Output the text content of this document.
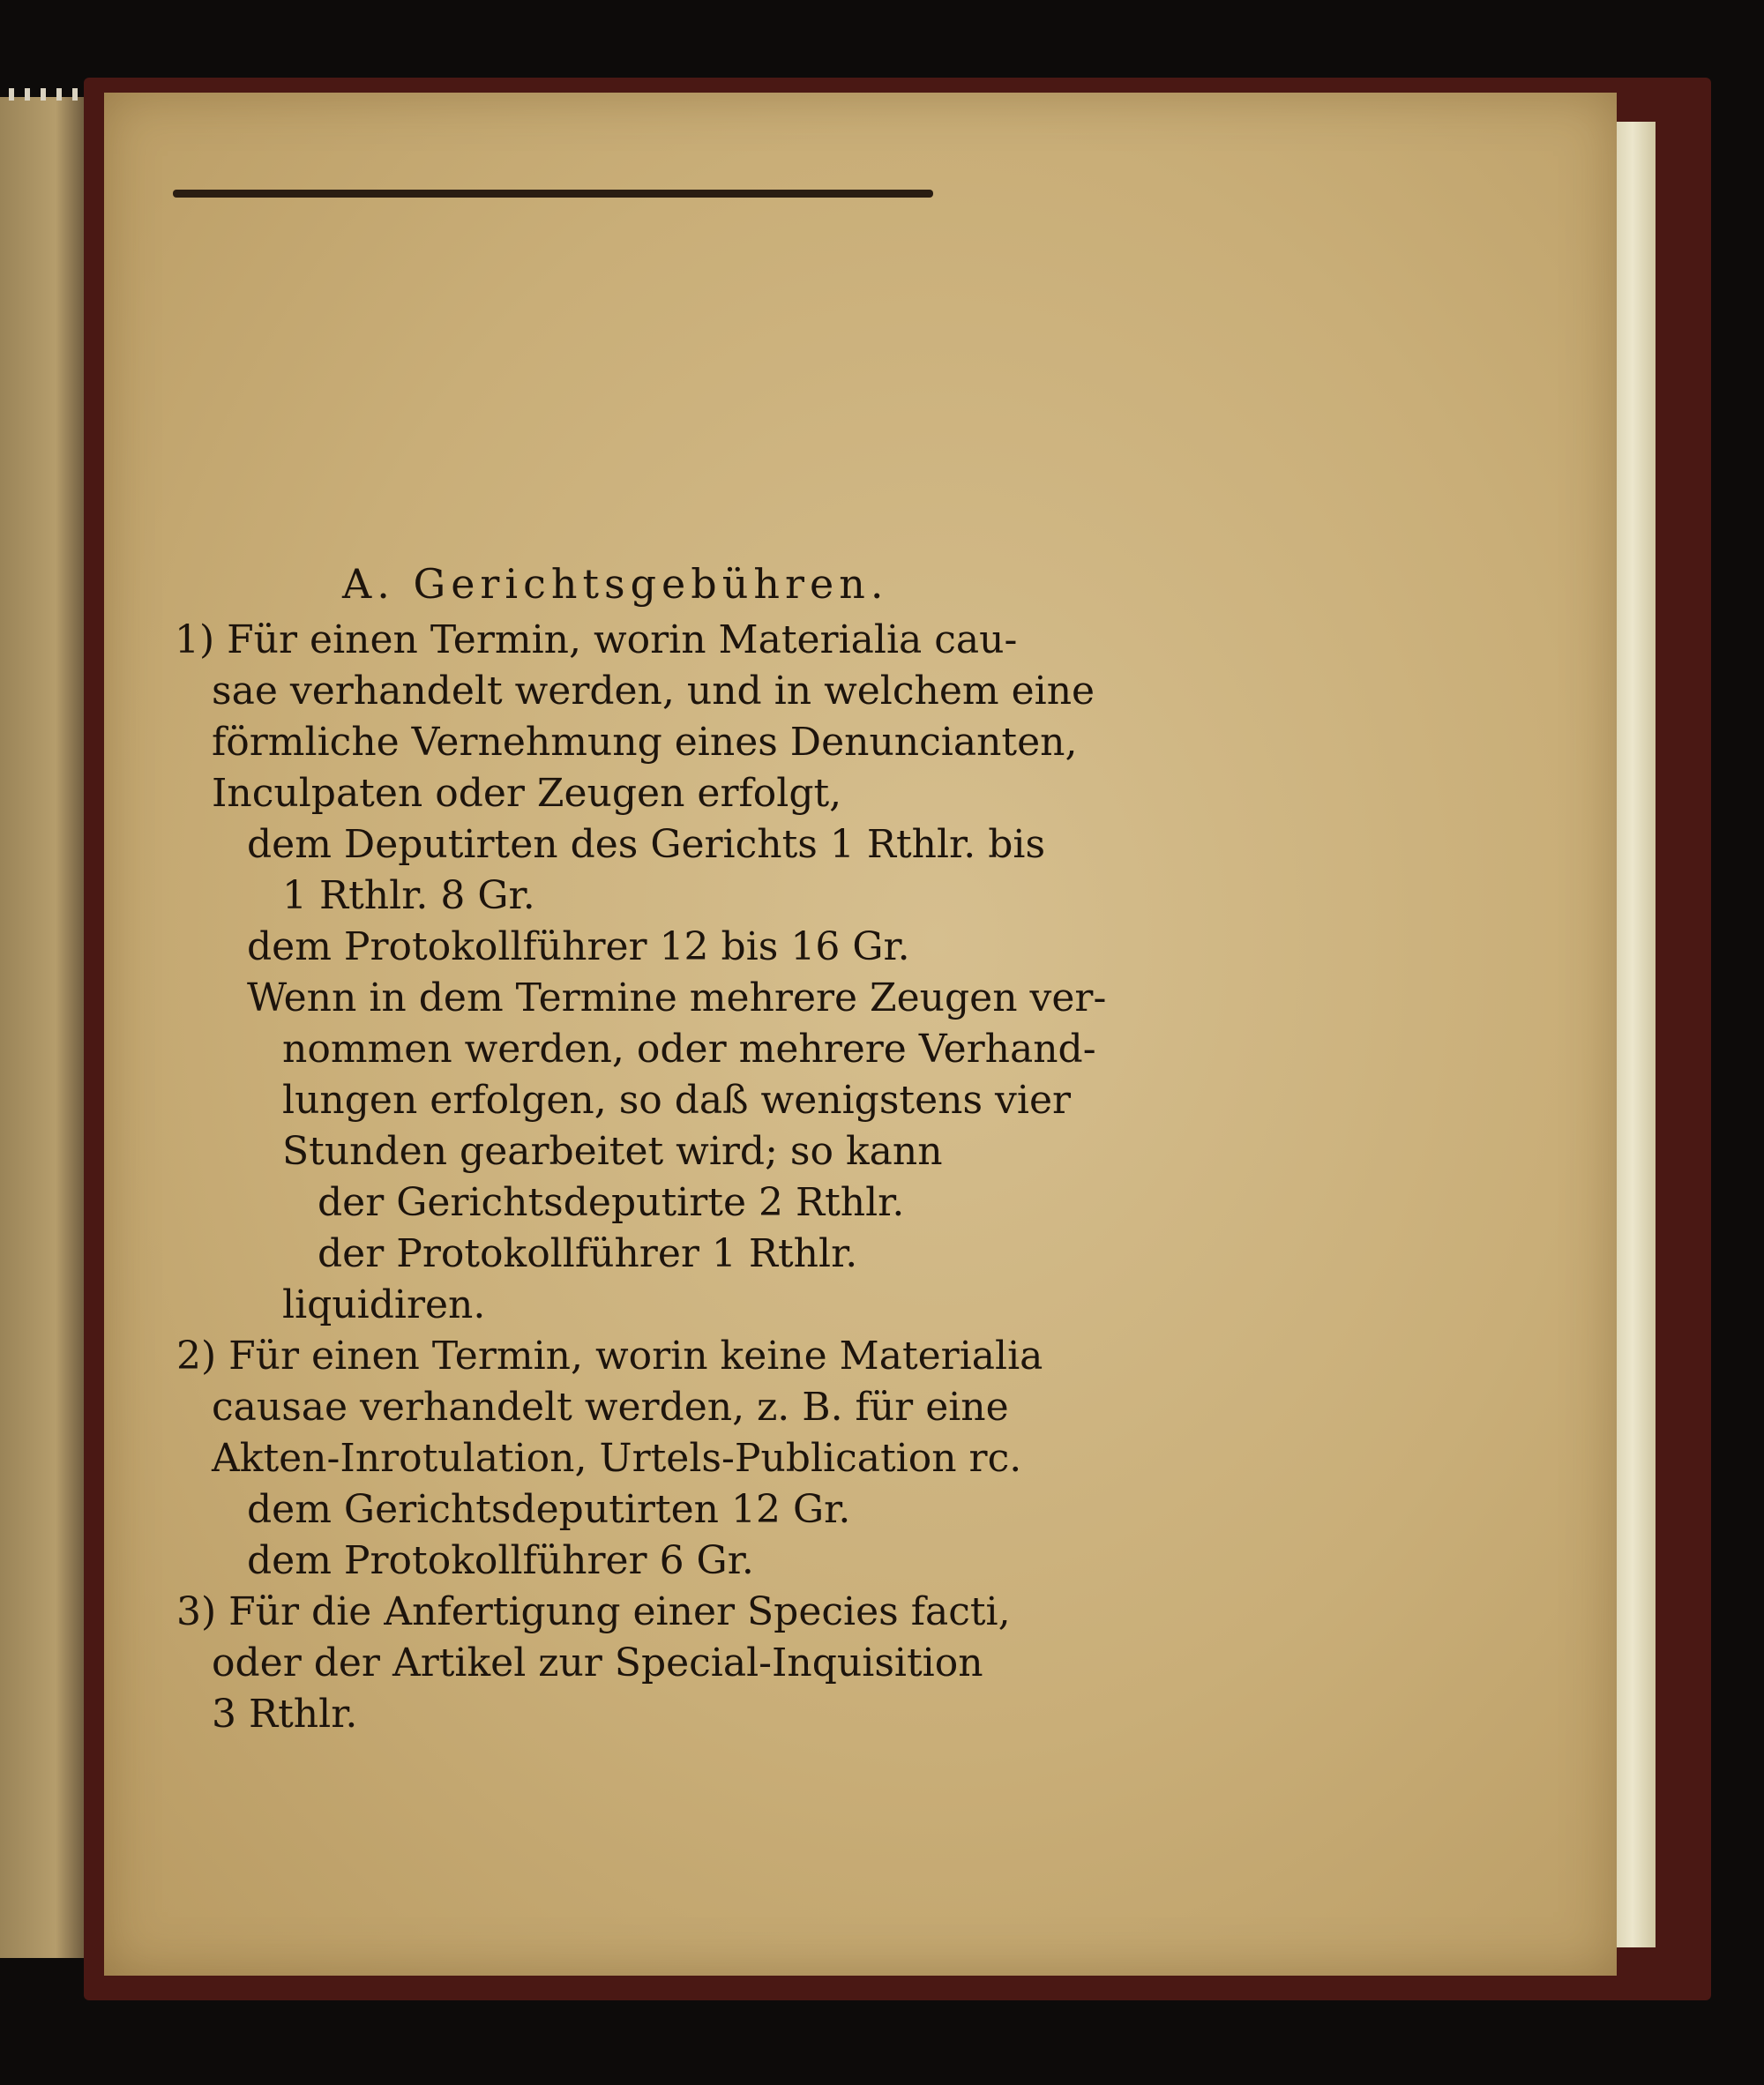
A. Gerichtsgebühren.
1) Für einen Termin, worin Materialia cau-
sae verhandelt werden, und in welchem eine
förmliche Vernehmung eines Denuncianten,
Inculpaten oder Zeugen erfolgt,
dem Deputirten des Gerichts 1 Rthlr. bis
1 Rthlr. 8 Gr.
dem Protokollführer 12 bis 16 Gr.
Wenn in dem Termine mehrere Zeugen ver-
nommen werden, oder mehrere Verhand-
lungen erfolgen, so daß wenigstens vier
Stunden gearbeitet wird; so kann
der Gerichtsdeputirte 2 Rthlr.
der Protokollführer 1 Rthlr.
liquidiren.
2) Für einen Termin, worin keine Materialia
causae verhandelt werden, z. B. für eine
Akten-Inrotulation, Urtels-Publication rc.
dem Gerichtsdeputirten 12 Gr.
dem Protokollführer 6 Gr.
3) Für die Anfertigung einer Species facti,
oder der Artikel zur Special-Inquisition
3 Rthlr.
